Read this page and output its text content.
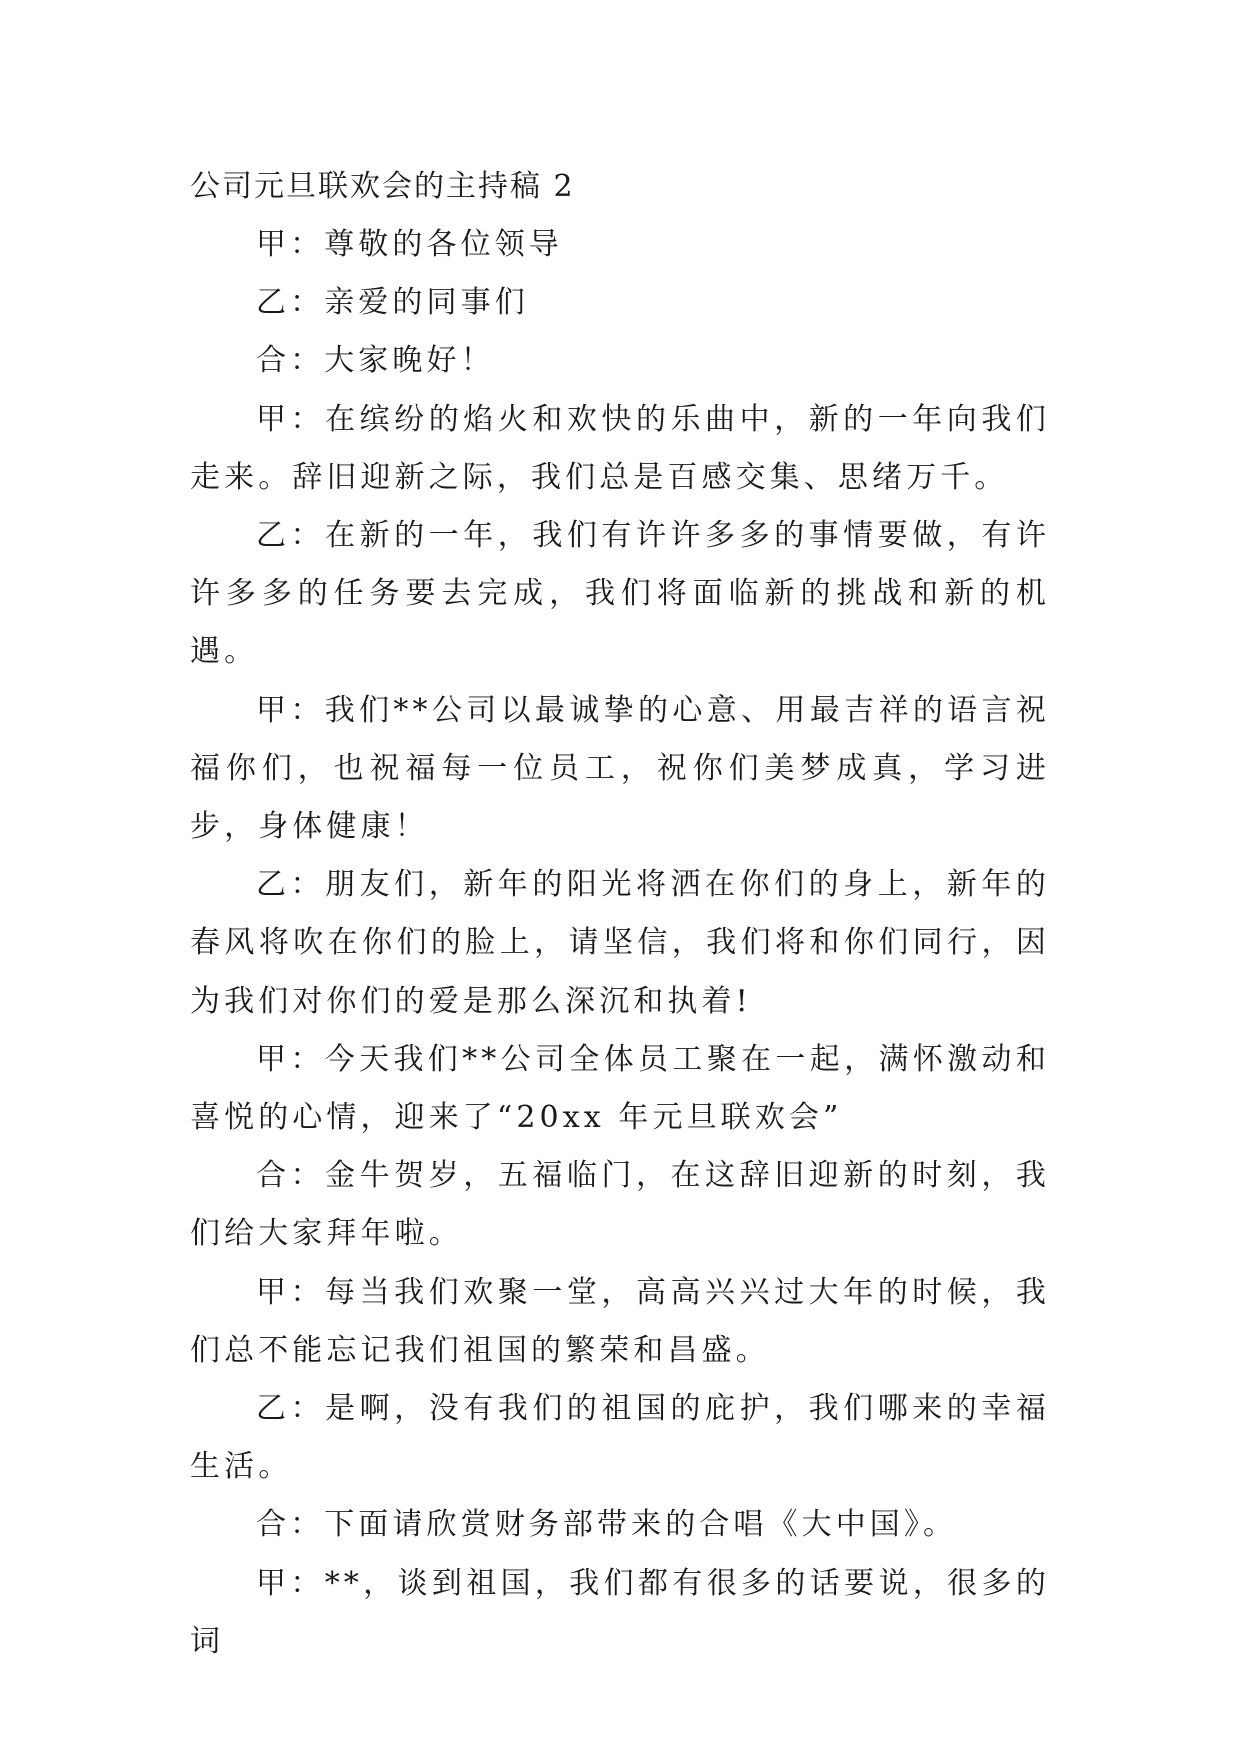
公司元旦联欢会的主持稿 2

甲：尊敬的各位领导

乙：亲爱的同事们

合：大家晚好！

甲：在缤纷的焰火和欢快的乐曲中，新的一年向我们走来。辞旧迎新之际，我们总是百感交集、思绪万千。

乙：在新的一年，我们有许许多多的事情要做，有许许多多的任务要去完成，我们将面临新的挑战和新的机遇。

甲：我们**公司以最诚挚的心意、用最吉祥的语言祝福你们，也祝福每一位员工，祝你们美梦成真，学习进步，身体健康！

乙：朋友们，新年的阳光将洒在你们的身上，新年的春风将吹在你们的脸上，请坚信，我们将和你们同行，因为我们对你们的爱是那么深沉和执着!

甲：今天我们**公司全体员工聚在一起，满怀激动和喜悦的心情，迎来了“20xx 年元旦联欢会”

合：金牛贺岁，五福临门，在这辞旧迎新的时刻，我们给大家拜年啦。

甲：每当我们欢聚一堂，高高兴兴过大年的时候，我们总不能忘记我们祖国的繁荣和昌盛。

乙：是啊，没有我们的祖国的庇护，我们哪来的幸福生活。

合：下面请欣赏财务部带来的合唱《大中国》。

甲：**，谈到祖国，我们都有很多的话要说，很多的词
